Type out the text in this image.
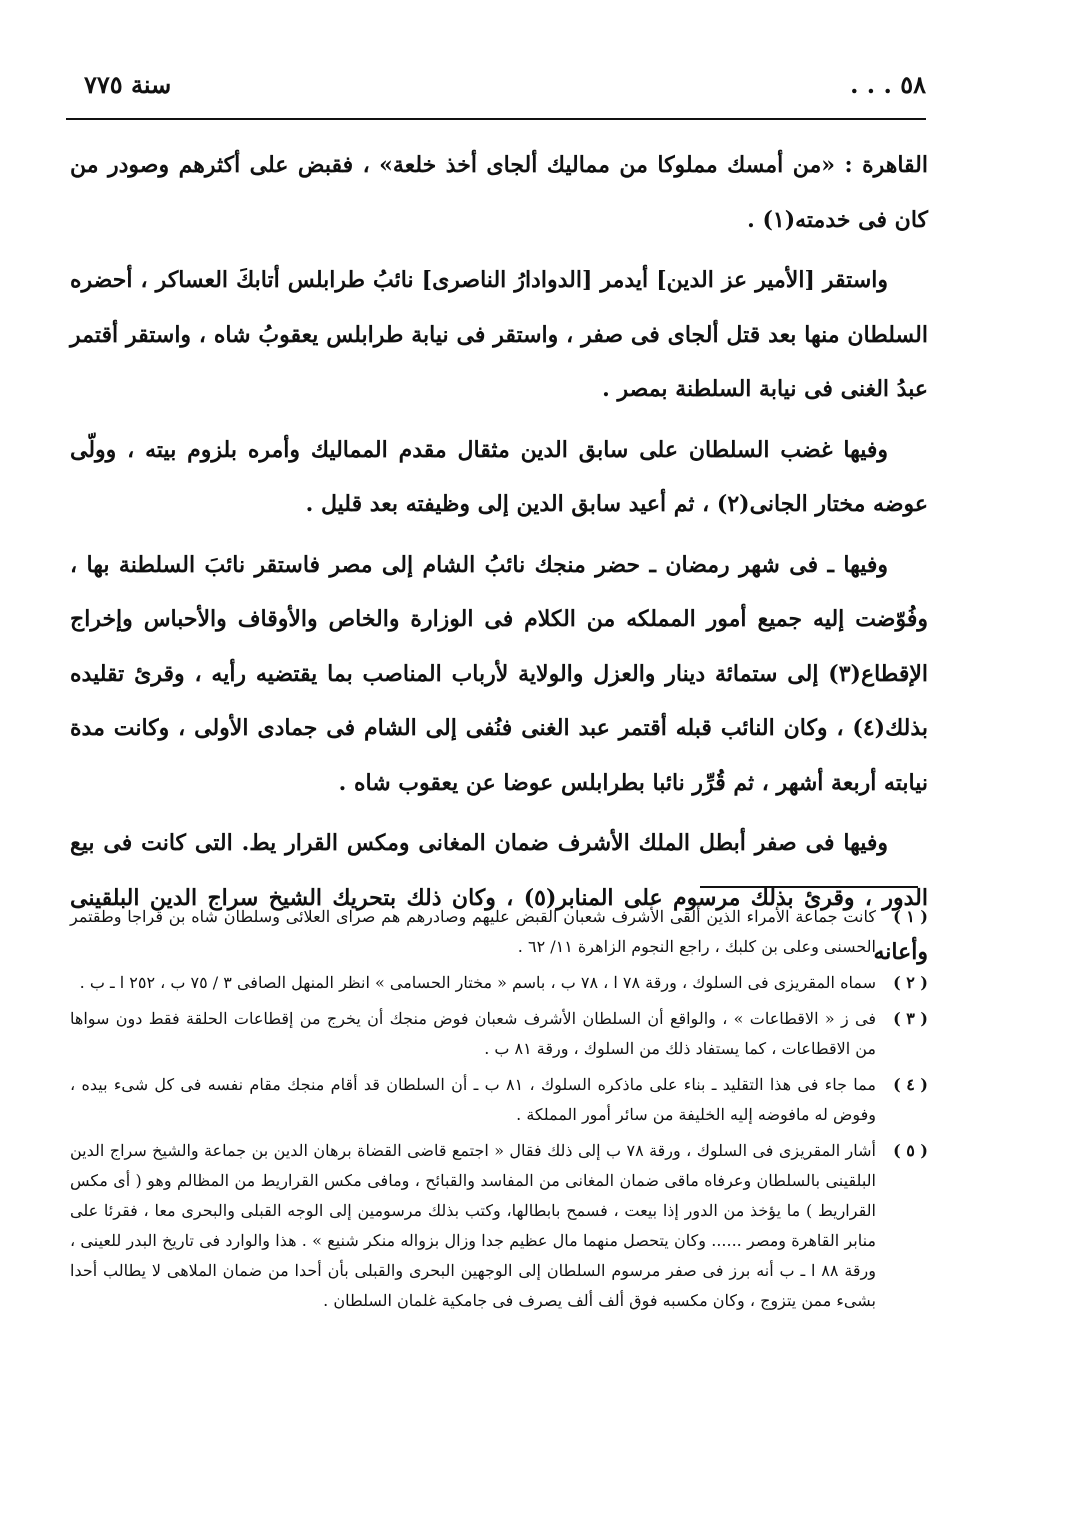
٥٨ . . .
سنة ٧٧٥

القاهرة : «من أمسك مملوكا من مماليك ألجاى أخذ خلعة» ، فقبض على أكثرهم وصودر من كان فى خدمته(١) .

واستقر [الأمير عز الدين] أيدمر [الدوادارُ الناصرى] نائبُ طرابلس أتابكَ العساكر ، أحضره السلطان منها بعد قتل ألجاى فى صفر ، واستقر فى نيابة طرابلس يعقوبُ شاه ، واستقر أقتمر عبدُ الغنى فى نيابة السلطنة بمصر .

وفيها غضب السلطان على سابق الدين مثقال مقدم المماليك وأمره بلزوم بيته ، وولّى عوضه مختار الجانى(٢) ، ثم أعيد سابق الدين إلى وظيفته بعد قليل .

وفيها ـ فى شهر رمضان ـ حضر منجك نائبُ الشام إلى مصر فاستقر نائبَ السلطنة بها ، وفُوّضت إليه جميع أمور المملكه من الكلام فى الوزارة والخاص والأوقاف والأحباس وإخراج الإقطاع(٣) إلى ستمائة دينار والعزل والولاية لأرباب المناصب بما يقتضيه رأيه ، وقرئ تقليده بذلك(٤) ، وكان النائب قبله أقتمر عبد الغنى فنُفى إلى الشام فى جمادى الأولى ، وكانت مدة نيابته أربعة أشهر ، ثم قُرِّر نائبا بطرابلس عوضا عن يعقوب شاه .

وفيها فى صفر أبطل الملك الأشرف ضمان المغانى ومكس القرار يط. التى كانت فى بيع الدور ، وقرئ بذلك مرسوم على المنابر(٥) ، وكان ذلك بتحريك الشيخ سراج الدين البلقينى وأعانه

( ١ )
كانت جماعة الأمراء الذين ألقى الأشرف شعبان القبض عليهم وصادرهم هم صراى العلائى وسلطان شاه بن قراجا وطقتمر الحسنى وعلى بن كلبك ، راجع النجوم الزاهرة ١١/ ٦٢ .
( ٢ )
سماه المقريزى فى السلوك ، ورقة ٧٨ ا ، ٧٨ ب ، باسم « مختار الحسامى » انظر المنهل الصافى ٣ / ٧٥ ب ، ٢٥٢ ا ـ ب .
( ٣ )
فى ز « الاقطاعات » ، والواقع أن السلطان الأشرف شعبان فوض منجك أن يخرج من إقطاعات الحلقة فقط دون سواها من الاقطاعات ، كما يستفاد ذلك من السلوك ، ورقة ٨١ ب .
( ٤ )
مما جاء فى هذا التقليد ـ بناء على ماذكره السلوك ، ٨١ ب ـ أن السلطان قد أقام منجك مقام نفسه فى كل شىء بيده ، وفوض له مافوضه إليه الخليفة من سائر أمور المملكة .
( ٥ )
أشار المقريزى فى السلوك ، ورقة ٧٨ ب إلى ذلك فقال « اجتمع قاضى القضاة برهان الدين بن جماعة والشيخ سراج الدين البلقينى بالسلطان وعرفاه ماقى ضمان المغانى من المفاسد والقبائح ، ومافى مكس القراريط من المظالم وهو ( أى مكس القراريط ) ما يؤخذ من الدور إذا بيعت ، فسمح بابطالها، وكتب بذلك مرسومين إلى الوجه القبلى والبحرى معا ، فقرئا على منابر القاهرة ومصر ...... وكان يتحصل منهما مال عظيم جدا وزال بزواله منكر شنيع » . هذا والوارد فى تاريخ البدر للعينى ، ورقة ٨٨ ا ـ ب أنه برز فى صفر مرسوم السلطان إلى الوجهين البحرى والقبلى بأن أحدا من ضمان الملاهى لا يطالب أحدا بشىء ممن يتزوج ، وكان مكسبه فوق ألف ألف يصرف فى جامكية غلمان السلطان .
